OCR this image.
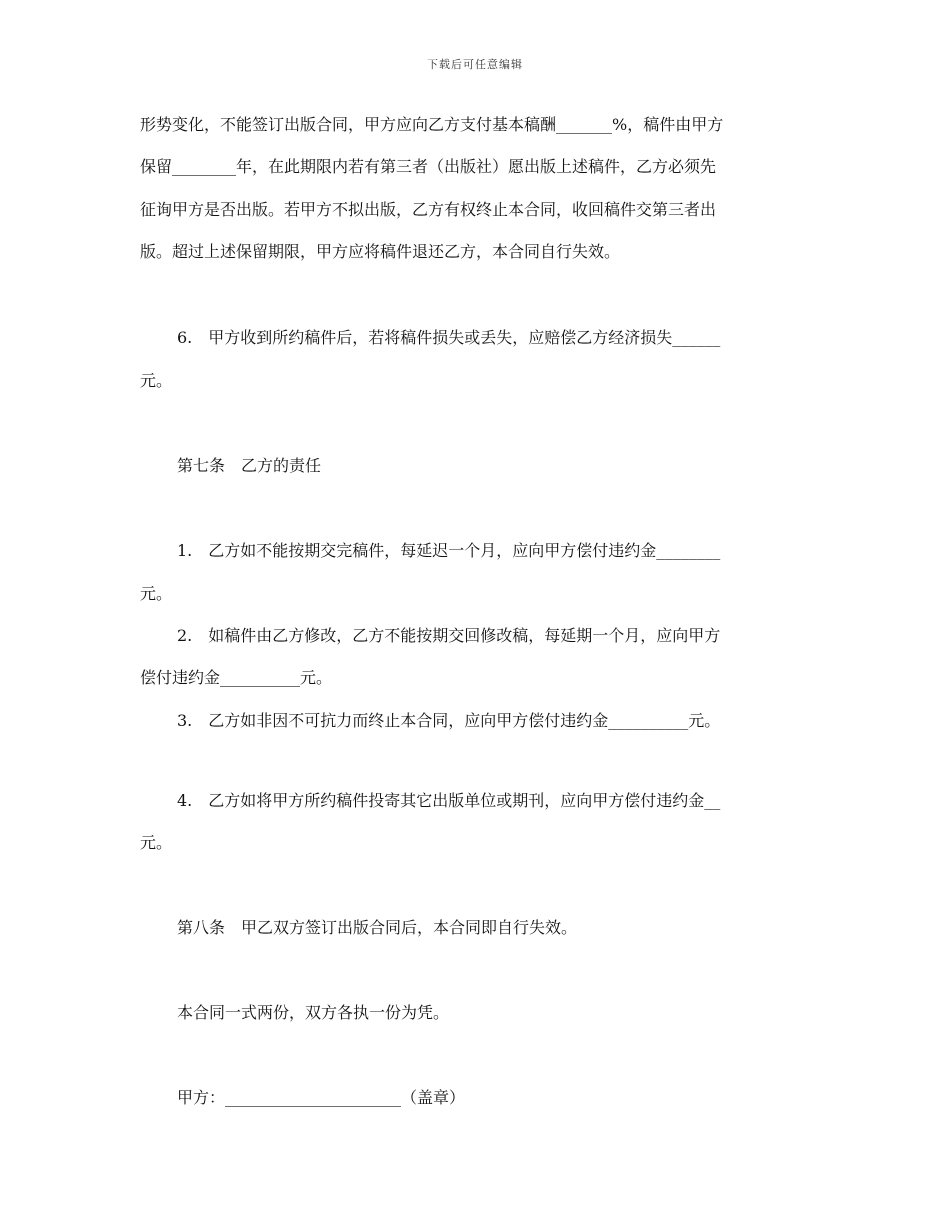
下载后可任意编辑
形势变化，不能签订出版合同，甲方应向乙方支付基本稿酬_______%，稿件由甲方
保留________年，在此期限内若有第三者（出版社）愿出版上述稿件，乙方必须先
征询甲方是否出版。若甲方不拟出版，乙方有权终止本合同，收回稿件交第三者出
版。超过上述保留期限，甲方应将稿件退还乙方，本合同自行失效。
6.　甲方收到所约稿件后，若将稿件损失或丢失，应赔偿乙方经济损失______
元。
第七条　乙方的责任
1.　乙方如不能按期交完稿件，每延迟一个月，应向甲方偿付违约金________
元。
2.　如稿件由乙方修改，乙方不能按期交回修改稿，每延期一个月，应向甲方
偿付违约金__________元。
3.　乙方如非因不可抗力而终止本合同，应向甲方偿付违约金__________元。
4.　乙方如将甲方所约稿件投寄其它出版单位或期刊，应向甲方偿付违约金__
元。
第八条　甲乙双方签订出版合同后，本合同即自行失效。
本合同一式两份，双方各执一份为凭。
甲方：______________________（盖章）
